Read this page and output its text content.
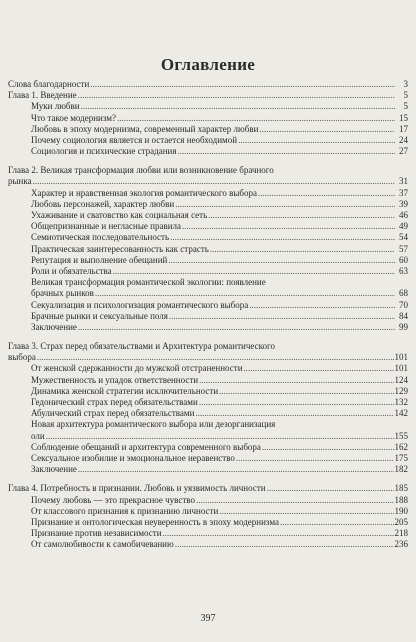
Оглавление
Слова благодарности .....	3
Глава 1. Введение .....	5
Муки любви .....	5
Что такое модернизм? .....	15
Любовь в эпоху модернизма, современный характер любви .....	17
Почему социология является и остается необходимой .....	24
Социология и психические страдания .....	27
Глава 2. Великая трансформация любви или возникновение брачного
рынка .....	31
Характер и нравственная экология романтического выбора .....	37
Любовь персонажей, характер любви .....	39
Ухаживание и сватовство как социальная сеть .....	46
Общепризнанные и негласные правила .....	49
Семиотическая последовательность .....	54
Практическая заинтересованность как страсть .....	57
Репутация и выполнение обещаний .....	60
Роли и обязательства .....	63
Великая трансформация романтической экологии: появление
брачных рынков .....	68
Секуализация и психологизация романтического выбора .....	70
Брачные рынки и сексуальные поля .....	84
Заключение .....	99
Глава 3. Страх перед обязательствами и Архитектура романтического
выбора .....	101
От женской сдержанности до мужской отстраненности .....	101
Мужественность и упадок ответственности .....	124
Динамика женской стратегии исключительности .....	129
Гедонический страх перед обязательствами .....	132
Абулический страх перед обязательствами .....	142
Новая архитектура романтического выбора или дезорганизация
оли .....	155
Соблюдение обещаний и архитектура современного выбора .....	162
Сексуальное изобилие и эмоциональное неравенство .....	175
Заключение .....	182
Глава 4. Потребность в признании. Любовь и уязвимость личности .....	185
Почему любовь — это прекрасное чувство .....	188
От классового признания к признанию личности .....	190
Признание и онтологическая неуверенность в эпоху модернизма .....	205
Признание против независимости .....	218
От самолюбивости к самобичеванию .....	236
397
